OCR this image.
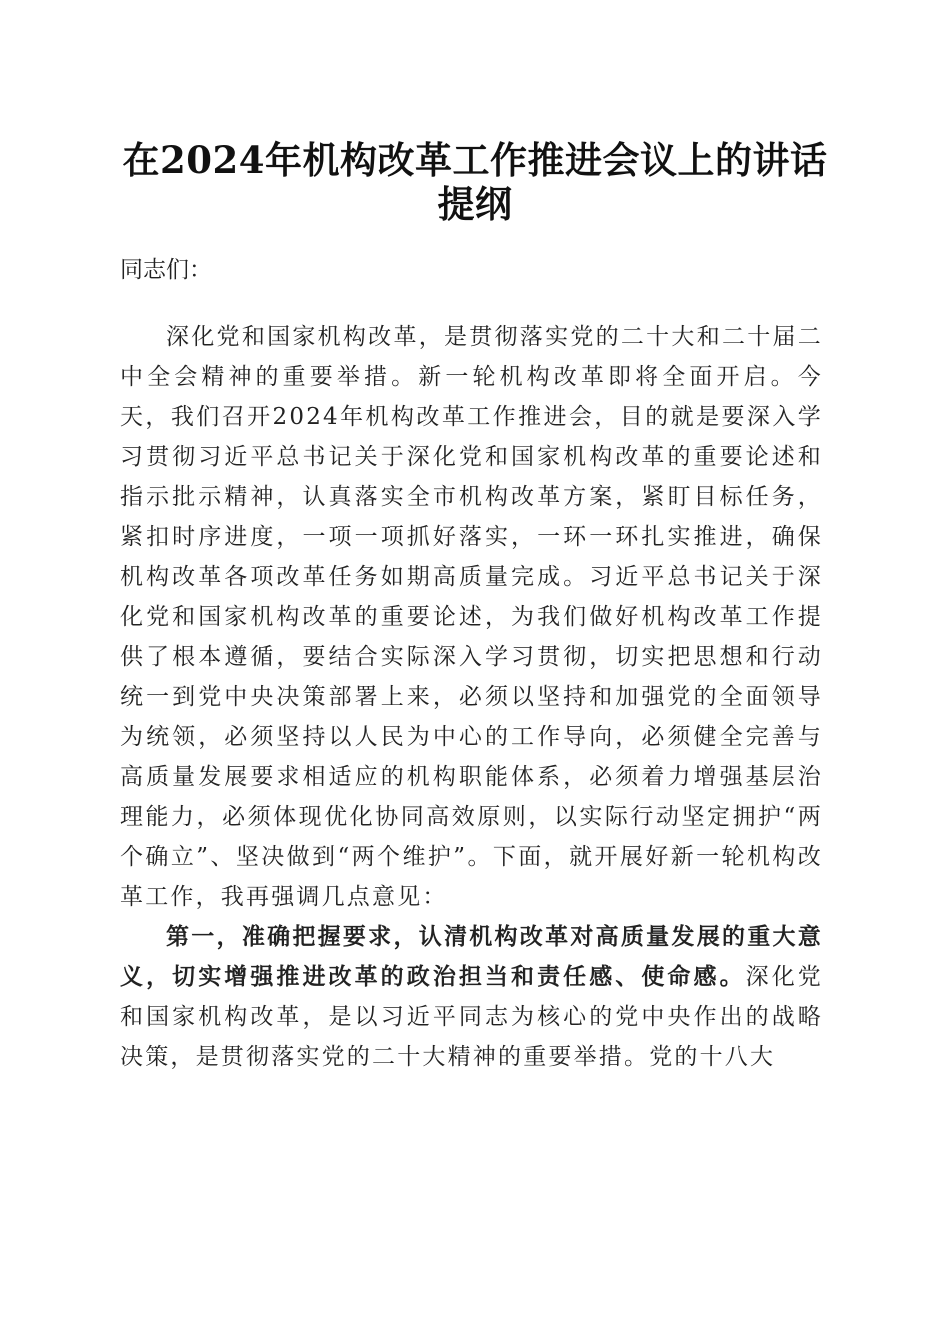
在2024年机构改革工作推进会议上的讲话提纲

同志们：

深化党和国家机构改革，是贯彻落实党的二十大和二十届二中全会精神的重要举措。新一轮机构改革即将全面开启。今天，我们召开2024年机构改革工作推进会，目的就是要深入学习贯彻习近平总书记关于深化党和国家机构改革的重要论述和指示批示精神，认真落实全市机构改革方案，紧盯目标任务，紧扣时序进度，一项一项抓好落实，一环一环扎实推进，确保机构改革各项改革任务如期高质量完成。习近平总书记关于深化党和国家机构改革的重要论述，为我们做好机构改革工作提供了根本遵循，要结合实际深入学习贯彻，切实把思想和行动统一到党中央决策部署上来，必须以坚持和加强党的全面领导为统领，必须坚持以人民为中心的工作导向，必须健全完善与高质量发展要求相适应的机构职能体系，必须着力增强基层治理能力，必须体现优化协同高效原则，以实际行动坚定拥护“两个确立”、坚决做到“两个维护”。下面，就开展好新一轮机构改革工作，我再强调几点意见：

第一，准确把握要求，认清机构改革对高质量发展的重大意义，切实增强推进改革的政治担当和责任感、使命感。深化党和国家机构改革，是以习近平同志为核心的党中央作出的战略决策，是贯彻落实党的二十大精神的重要举措。党的十八大
